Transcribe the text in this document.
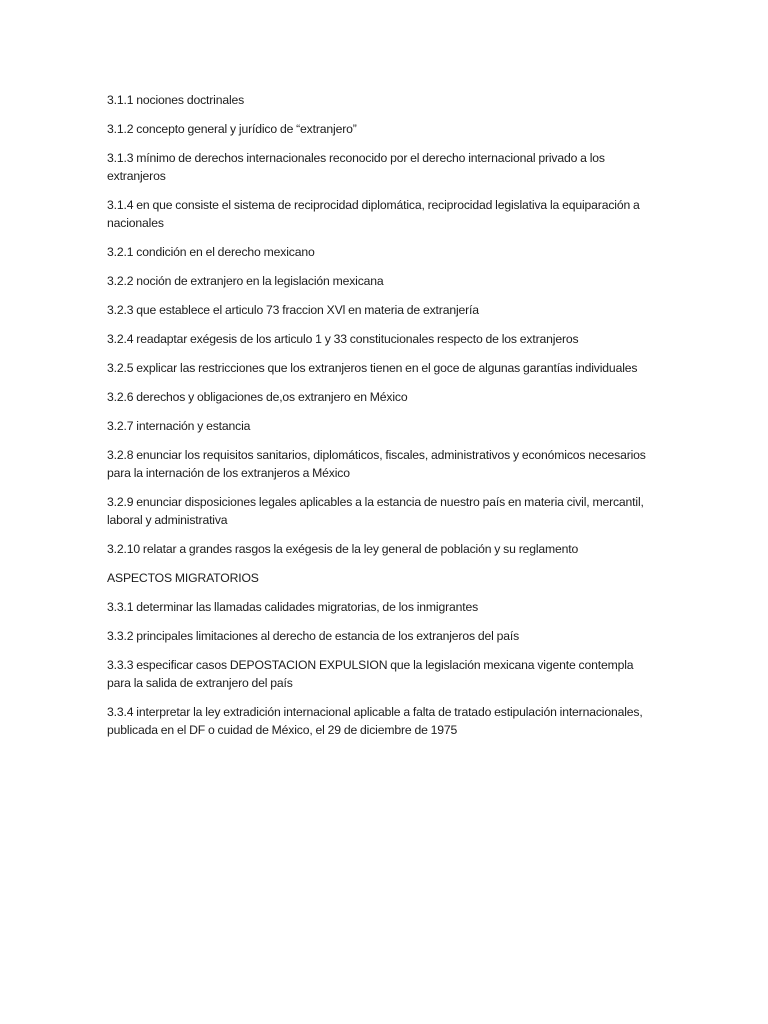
3.1.1 nociones doctrinales

3.1.2 concepto general y jurídico de “extranjero”

3.1.3 mínimo de derechos internacionales reconocido por el derecho internacional privado a los extranjeros

3.1.4 en que consiste el sistema de reciprocidad diplomática, reciprocidad legislativa la equiparación a nacionales

3.2.1 condición en el derecho mexicano

3.2.2 noción de extranjero en la legislación mexicana

3.2.3 que establece el articulo 73 fraccion XVl en materia de extranjería

3.2.4 readaptar exégesis de los articulo 1 y 33 constitucionales respecto de los extranjeros

3.2.5 explicar las restricciones que los extranjeros tienen en el goce de algunas garantías individuales

3.2.6 derechos y obligaciones de,os extranjero en México

3.2.7 internación y estancia

3.2.8 enunciar los requisitos sanitarios, diplomáticos, fiscales, administrativos y económicos necesarios para la internación de los extranjeros a México

3.2.9 enunciar disposiciones legales aplicables a la estancia de nuestro país en materia civil, mercantil, laboral y administrativa

3.2.10 relatar a grandes rasgos la exégesis de la ley general de población y su reglamento

ASPECTOS MIGRATORIOS

3.3.1 determinar las llamadas calidades migratorias, de los inmigrantes

3.3.2 principales limitaciones al derecho de estancia de los extranjeros del país

3.3.3 especificar casos DEPOSTACION EXPULSION que la legislación mexicana vigente contempla para la salida de extranjero del país

3.3.4 interpretar la ley extradición internacional aplicable a falta de tratado estipulación internacionales, publicada en el DF o cuidad de México, el 29 de diciembre de 1975
